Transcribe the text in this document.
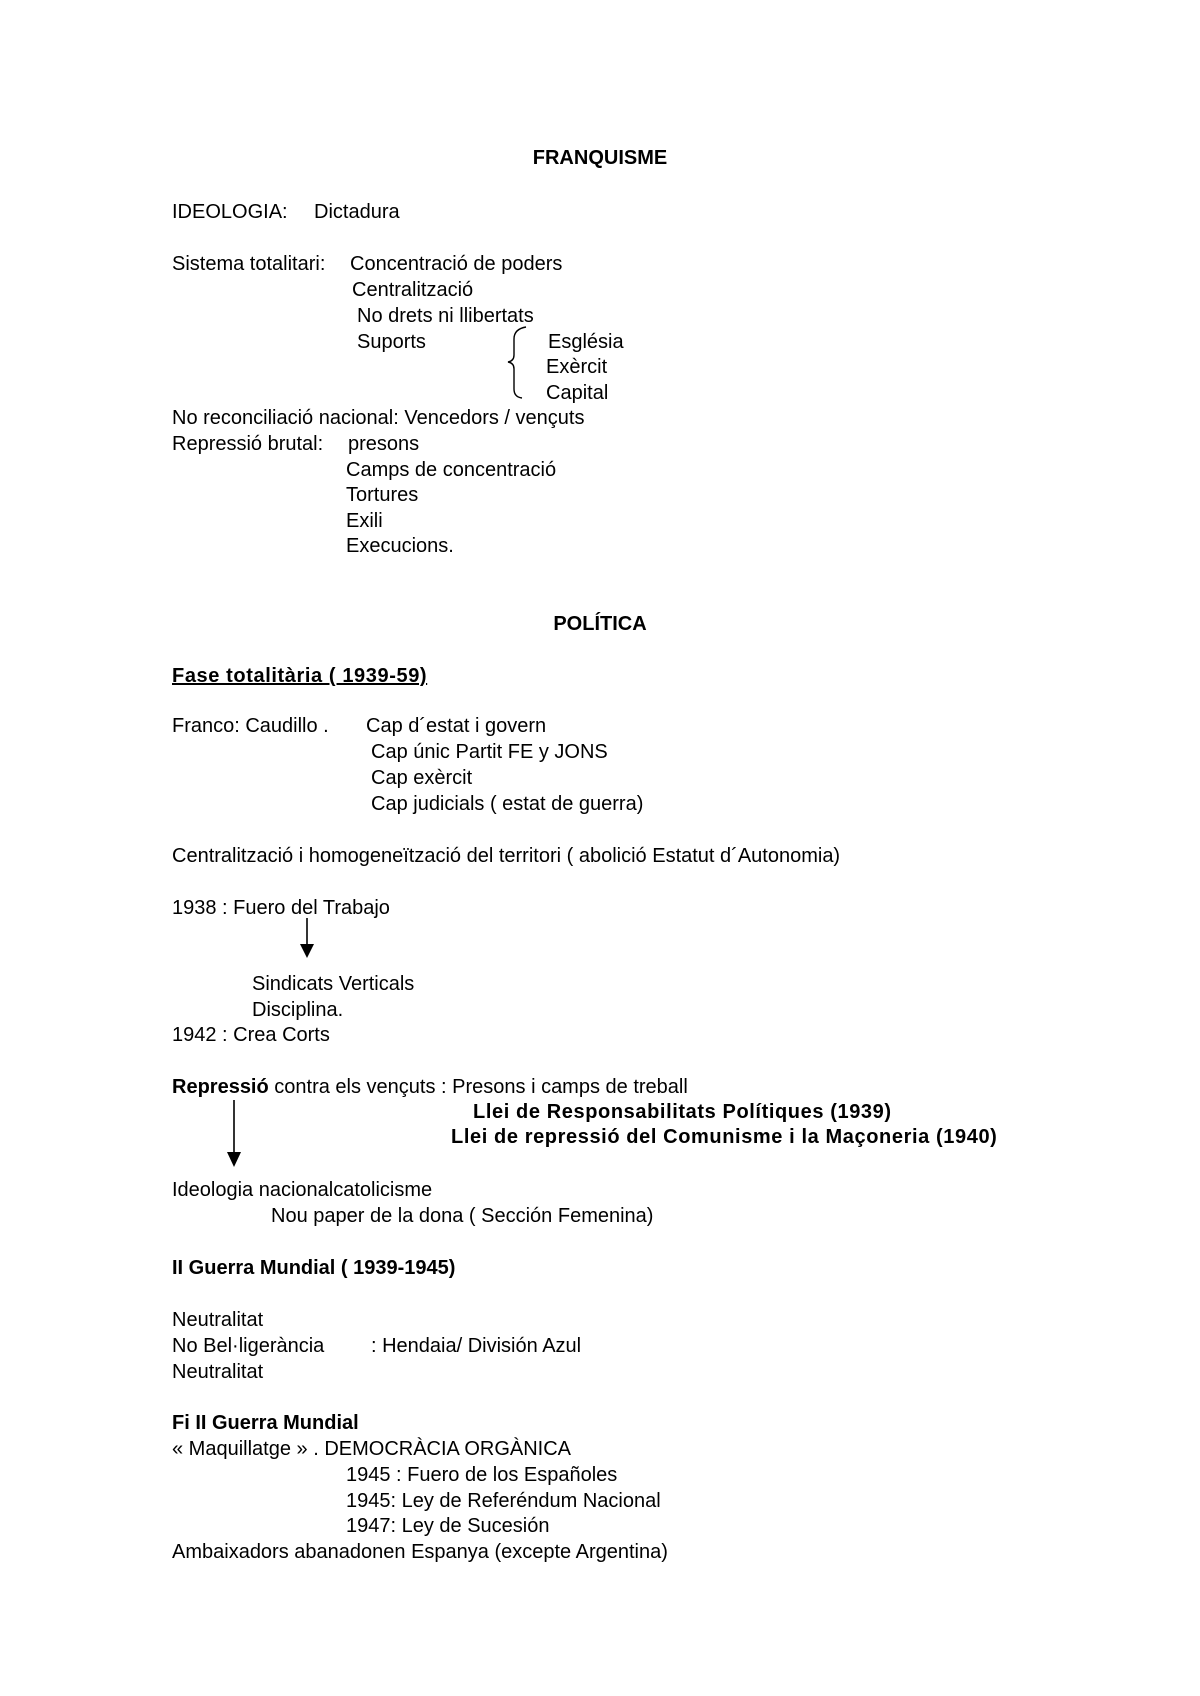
FRANQUISME
IDEOLOGIA: Dictadura
Sistema totalitari: Concentració de poders
Centralització
No drets ni llibertats
Suports	Església
Exèrcit
Capital
No reconciliació nacional: Vencedors / vençuts
Repressió brutal: presons
Camps de concentració
Tortures
Exili
Execucions.
POLÍTICA
Fase totalitària ( 1939-59)
Franco: Caudillo . Cap d´estat i govern
Cap únic Partit FE y JONS
Cap exèrcit
Cap judicials ( estat de guerra)
Centralització i homogeneïtzació del territori ( abolició Estatut d´Autonomia)
1938 : Fuero del Trabajo
Sindicats Verticals
Disciplina.
1942 : Crea Corts
Repressió contra els vençuts : Presons i camps de treball
Llei de Responsabilitats Polítiques (1939)
Llei de repressió del Comunisme i la Maçoneria (1940)
Ideologia nacionalcatolicisme
Nou paper de la dona ( Sección Femenina)
II Guerra Mundial ( 1939-1945)
Neutralitat
No Bel·ligerància : Hendaia/ División Azul
Neutralitat
Fi II Guerra Mundial
« Maquillatge » . DEMOCRÀCIA ORGÀNICA
1945 : Fuero de los Españoles
1945: Ley de Referéndum Nacional
1947: Ley de Sucesión
Ambaixadors abanadonen Espanya (excepte Argentina)
